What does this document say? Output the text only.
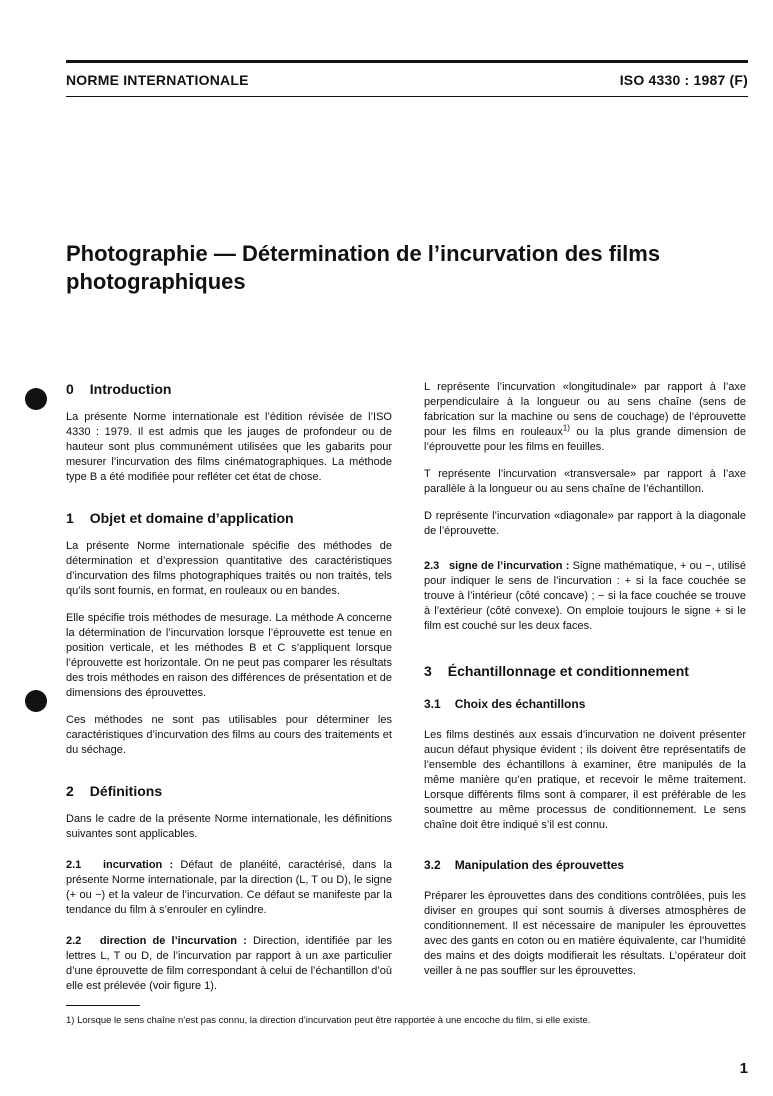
NORME INTERNATIONALE	ISO 4330 : 1987 (F)
Photographie — Détermination de l’incurvation des films photographiques
0 Introduction

La présente Norme internationale est l’édition révisée de l’ISO 4330 : 1979. Il est admis que les jauges de profondeur ou de hauteur sont plus communément utilisées que les gabarits pour mesurer l’incurvation des films cinématographiques. La méthode type B a été modifiée pour refléter cet état de chose.

1 Objet et domaine d’application

La présente Norme internationale spécifie des méthodes de détermination et d’expression quantitative des caractéristiques d’incurvation des films photographiques traités ou non traités, tels qu’ils sont fournis, en format, en rouleaux ou en bandes.

Elle spécifie trois méthodes de mesurage. La méthode A concerne la détermination de l’incurvation lorsque l’éprouvette est tenue en position verticale, et les méthodes B et C s’appliquent lorsque l’éprouvette est horizontale. On ne peut pas comparer les résultats des trois méthodes en raison des différences de présentation et de dimensions des éprouvettes.

Ces méthodes ne sont pas utilisables pour déterminer les caractéristiques d’incurvation des films au cours des traitements et du séchage.

2 Définitions

Dans le cadre de la présente Norme internationale, les définitions suivantes sont applicables.

2.1 incurvation : Défaut de planéité, caractérisé, dans la présente Norme internationale, par la direction (L, T ou D), le signe (+ ou −) et la valeur de l’incurvation. Ce défaut se manifeste par la tendance du film à s’enrouler en cylindre.

2.2 direction de l’incurvation : Direction, identifiée par les lettres L, T ou D, de l’incurvation par rapport à un axe particulier d’une éprouvette de film correspondant à celui de l’échantillon d’où elle est prélevée (voir figure 1).

L représente l’incurvation «longitudinale» par rapport à l’axe perpendiculaire à la longueur ou au sens chaîne (sens de fabrication sur la machine ou sens de couchage) de l’éprouvette pour les films en rouleaux$^{1)}$ ou la plus grande dimension de l’éprouvette pour les films en feuilles.

T représente l’incurvation «transversale» par rapport à l’axe parallèle à la longueur ou au sens chaîne de l’échantillon.

D représente l’incurvation «diagonale» par rapport à la diagonale de l’éprouvette.

2.3 signe de l’incurvation : Signe mathématique, + ou −, utilisé pour indiquer le sens de l’incurvation : + si la face couchée se trouve à l’intérieur (côté concave) ; − si la face couchée se trouve à l’extérieur (côté convexe). On emploie toujours le signe + si le film est couché sur les deux faces.

3 Échantillonnage et conditionnement
3.1 Choix des échantillons

Les films destinés aux essais d’incurvation ne doivent présenter aucun défaut physique évident ; ils doivent être représentatifs de l’ensemble des échantillons à examiner, être manipulés de la même manière qu’en pratique, et recevoir le même traitement. Lorsque différents films sont à comparer, il est préférable de les soumettre au même processus de conditionnement. Le sens chaîne doit être indiqué s’il est connu.

3.2 Manipulation des éprouvettes

Préparer les éprouvettes dans des conditions contrôlées, puis les diviser en groupes qui sont soumis à diverses atmosphères de conditionnement. Il est nécessaire de manipuler les éprouvettes avec des gants en coton ou en matière équivalente, car l’humidité des mains et des doigts modifierait les résultats. L’opérateur doit veiller à ne pas souffler sur les éprouvettes.

1) Lorsque le sens chaîne n’est pas connu, la direction d’incurvation peut être rapportée à une encoche du film, si elle existe.

1
